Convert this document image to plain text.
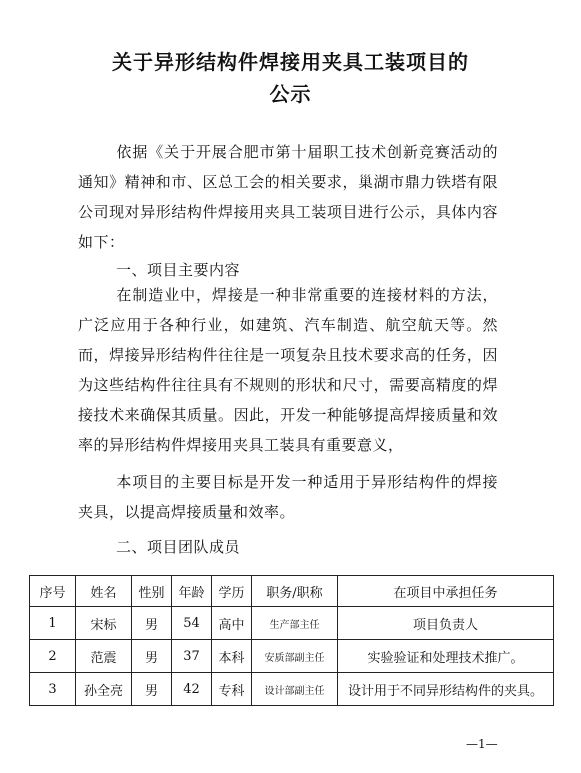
关于异形结构件焊接用夹具工装项目的
公示

依据《关于开展合肥市第十届职工技术创新竞赛活动的通知》精神和市、区总工会的相关要求，巢湖市鼎力铁塔有限公司现对异形结构件焊接用夹具工装项目进行公示，具体内容如下：

一、项目主要内容

在制造业中，焊接是一种非常重要的连接材料的方法，广泛应用于各种行业，如建筑、汽车制造、航空航天等。然而，焊接异形结构件往往是一项复杂且技术要求高的任务，因为这些结构件往往具有不规则的形状和尺寸，需要高精度的焊接技术来确保其质量。因此，开发一种能够提高焊接质量和效率的异形结构件焊接用夹具工装具有重要意义，

本项目的主要目标是开发一种适用于异形结构件的焊接夹具，以提高焊接质量和效率。

二、项目团队成员
序号	姓名	性别	年龄	学历	职务/职称	在项目中承担任务
1	宋标	男	54	高中	生产部主任	项目负责人
2	范震	男	37	本科	安质部副主任	实验验证和处理技术推广。
3	孙全亮	男	42	专科	设计部副主任	设计用于不同异形结构件的夹具。
—1—
